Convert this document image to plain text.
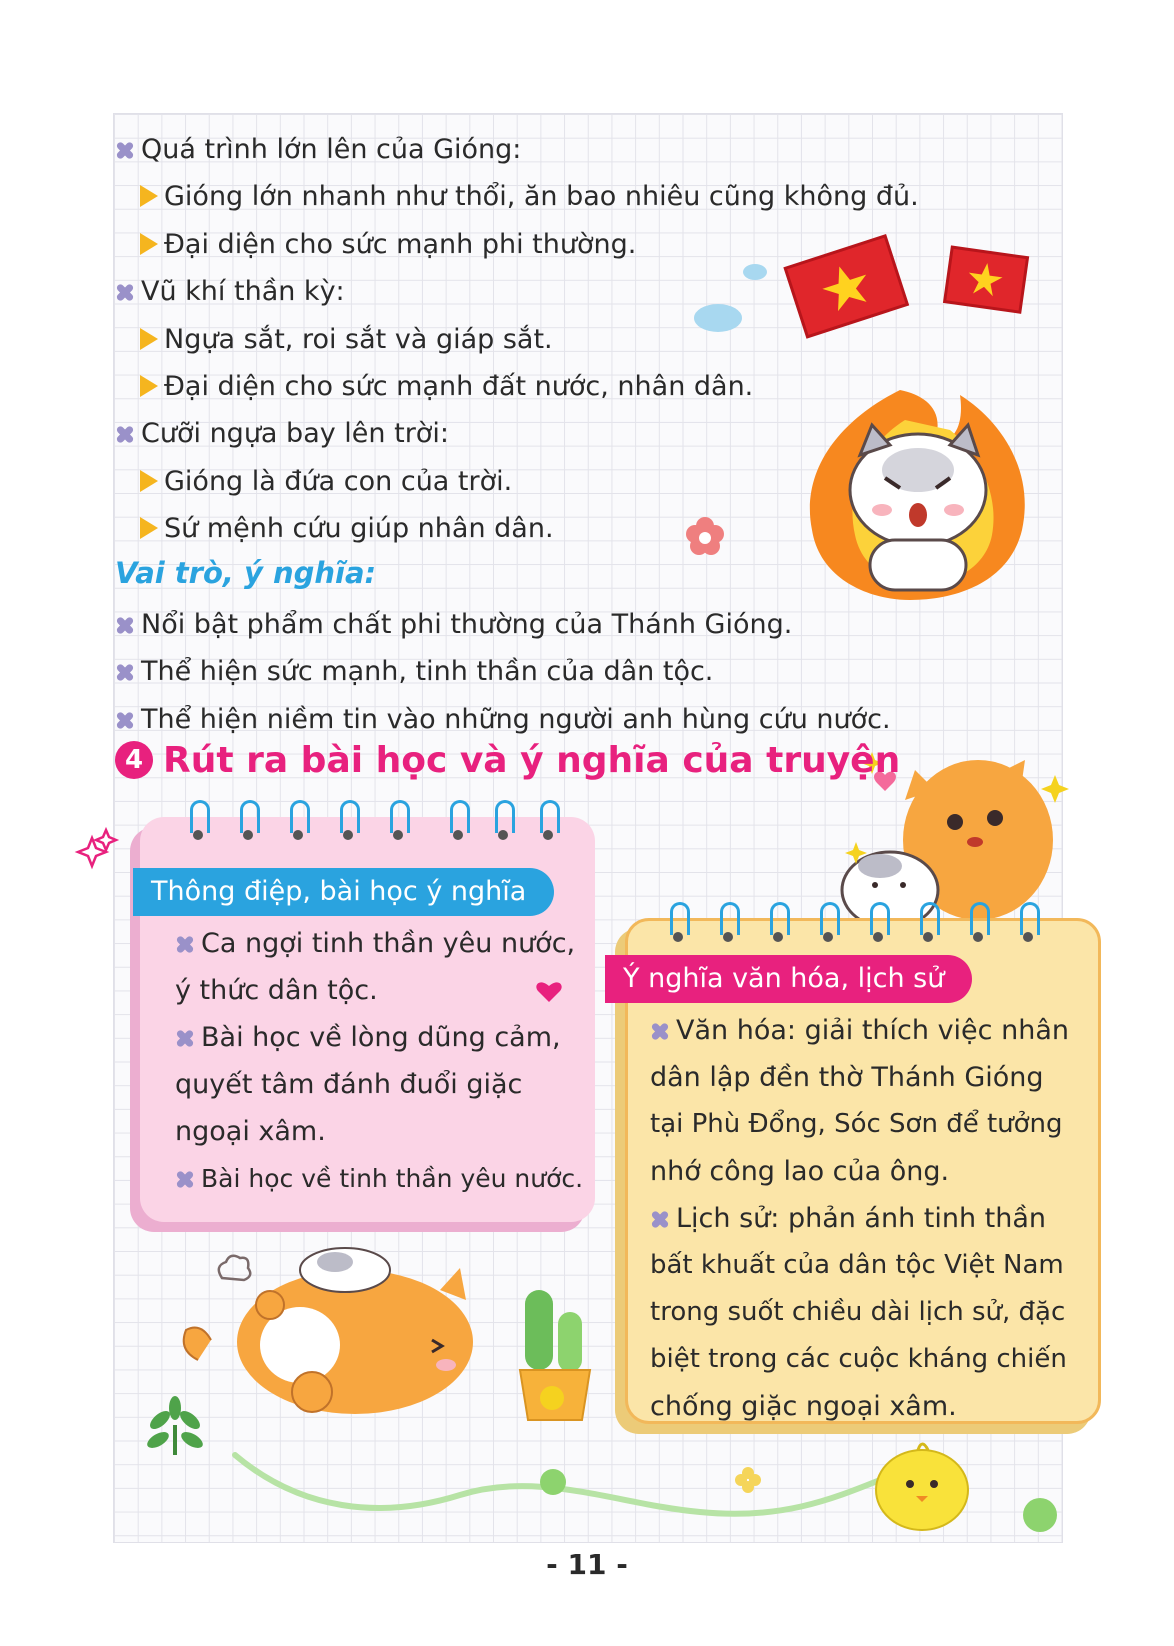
Quá trình lớn lên của Gióng:
Gióng lớn nhanh như thổi, ăn bao nhiêu cũng không đủ.
Đại diện cho sức mạnh phi thường.
Vũ khí thần kỳ:
Ngựa sắt, roi sắt và giáp sắt.
Đại diện cho sức mạnh đất nước, nhân dân.
Cưỡi ngựa bay lên trời:
Gióng là đứa con của trời.
Sứ mệnh cứu giúp nhân dân.
Vai trò, ý nghĩa:
Nổi bật phẩm chất phi thường của Thánh Gióng.
Thể hiện sức mạnh, tinh thần của dân tộc.
Thể hiện niềm tin vào những người anh hùng cứu nước.
4 Rút ra bài học và ý nghĩa của truyện
Thông điệp, bài học ý nghĩa
Ca ngợi tinh thần yêu nước,
ý thức dân tộc.
Bài học về lòng dũng cảm,
quyết tâm đánh đuổi giặc
ngoại xâm.
Bài học về tinh thần yêu nước.
Ý nghĩa văn hóa, lịch sử
Văn hóa: giải thích việc nhân
dân lập đền thờ Thánh Gióng
tại Phù Đổng, Sóc Sơn để tưởng
nhớ công lao của ông.
Lịch sử: phản ánh tinh thần
bất khuất của dân tộc Việt Nam
trong suốt chiều dài lịch sử, đặc
biệt trong các cuộc kháng chiến
chống giặc ngoại xâm.
- 11 -
